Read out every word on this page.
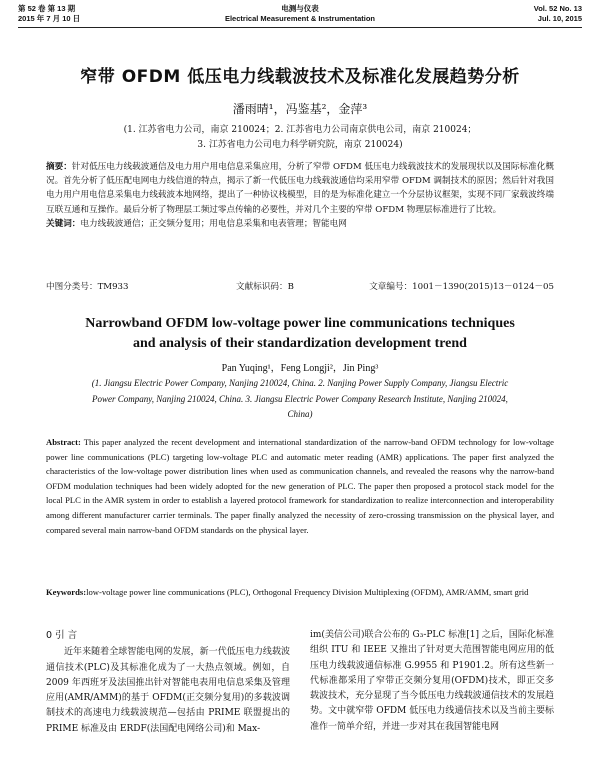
第 52 卷 第 13 期
2015 年 7 月 10 日
电测与仪表
Electrical Measurement & Instrumentation
Vol. 52 No. 13
Jul. 10, 2015
窄带 OFDM 低压电力线载波技术及标准化发展趋势分析
潘雨晴¹，冯鉴基²，金萍³
(1. 江苏省电力公司，南京 210024；2. 江苏省电力公司南京供电公司，南京 210024；
3. 江苏省电力公司电力科学研究院，南京 210024)
摘要：针对低压电力线载波通信及电力用户用电信息采集应用，分析了窄带 OFDM 低压电力线载波技术的发展现状以及国际标准化概况。首先分析了低压配电网电力线信道的特点，揭示了新一代低压电力线载波通信均采用窄带 OFDM 调制技术的原因；然后针对我国电力用户用电信息采集电力线载波本地网络，提出了一种协议栈模型，目的是为标准化建立一个分层协议框架，实现不同厂家载波终端互联互通和互操作。最后分析了物理层工频过零点传输的必要性，并对几个主要的窄带 OFDM 物理层标准进行了比较。
关键词：电力线载波通信；正交频分复用；用电信息采集和电表管理；智能电网
中图分类号：TM933	文献标识码：B	文章编号：1001－1390(2015)13－0124－05
Narrowband OFDM low-voltage power line communications techniques
and analysis of their standardization development trend
Pan Yuqing¹，Feng Longji²，Jin Ping³
(1. Jiangsu Electric Power Company, Nanjing 210024, China. 2. Nanjing Power Supply Company, Jiangsu Electric Power Company, Nanjing 210024, China. 3. Jiangsu Electric Power Company Research Institute, Nanjing 210024, China)
Abstract: This paper analyzed the recent development and international standardization of the narrow-band OFDM technology for low-voltage power line communications (PLC) targeting low-voltage PLC and automatic meter reading (AMR) applications. The paper first analyzed the characteristics of the low-voltage power distribution lines when used as communication channels, and revealed the reasons why the narrow-band OFDM modulation techniques had been widely adopted for the new generation of PLC. The paper then proposed a protocol stack model for the local PLC in the AMR system in order to establish a layered protocol framework for standardization to realize interconnection and interoperability among different manufacturer carrier terminals. The paper finally analyzed the necessity of zero-crossing transmission on the physical layer, and compared several main narrow-band OFDM standards on the physical layer.
Keywords:low-voltage power line communications (PLC), Orthogonal Frequency Division Multiplexing (OFDM), AMR/AMM, smart grid
0 引 言
近年来随着全球智能电网的发展，新一代低压电力线载波通信技术(PLC)及其标准化成为了一大热点领域。例如，自 2009 年西班牙及法国推出针对智能电表用电信息采集及管理应用(AMR/AMM)的基于 OFDM(正交频分复用)的多载波调制技术的高速电力线载波规范—包括由 PRIME 联盟提出的 PRIME 标准及由 ERDF(法国配电网络公司)和 Max-
im(美信公司)联合公布的 G₃-PLC 标准[1] 之后，国际化标准组织 ITU 和 IEEE 又推出了针对更大范围智能电网应用的低压电力线载波通信标准 G.9955 和 P1901.2。所有这些新一代标准都采用了窄带正交频分复用(OFDM)技术，即正交多载波技术，充分显现了当今低压电力线载波通信技术的发展趋势。文中就窄带 OFDM 低压电力线通信技术以及当前主要标准作一简单介绍，并进一步对其在我国智能电网
